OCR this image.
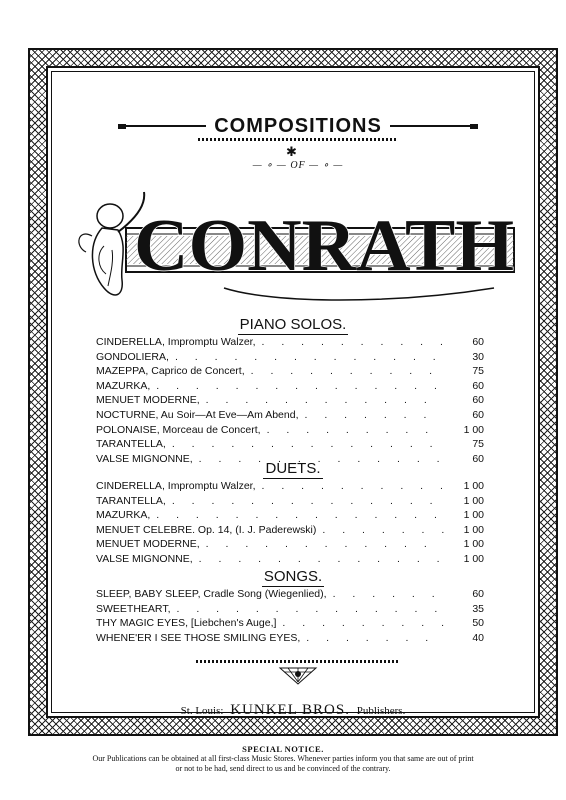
COMPOSITIONS
✱
— ∘ — OF — ∘ —
CONRATH
PIANO SOLOS.
CINDERELLA, Impromptu Walzer, . . .	60
GONDOLIERA, . . .	30
MAZEPPA, Caprico de Concert, . . .	75
MAZURKA, . . .	60
MENUET MODERNE, . . .	60
NOCTURNE, Au Soir—At Eve—Am Abend, . . .	60
POLONAISE, Morceau de Concert, . . .	1 00
TARANTELLA, . . .	75
VALSE MIGNONNE, . . .	60
DUETS.
CINDERELLA, Impromptu Walzer, . . .	1 00
TARANTELLA, . . .	1 00
MAZURKA, . . .	1 00
MENUET CELEBRE. Op. 14, (I. J. Paderewski) . . .	1 00
MENUET MODERNE, . . .	1 00
VALSE MIGNONNE, . . .	1 00
SONGS.
SLEEP, BABY SLEEP, Cradle Song (Wiegenlied), . . .	60
SWEETHEART, . . .	35
THY MAGIC EYES, [Liebchen's Auge,] . . .	50
WHENE'ER I SEE THOSE SMILING EYES, . . .	40
St. Louis: KUNKEL BROS. Publishers.
SPECIAL NOTICE.
Our Publications can be obtained at all first-class Music Stores. Whenever parties inform you that same are out of print
or not to be had, send direct to us and be convinced of the contrary.
